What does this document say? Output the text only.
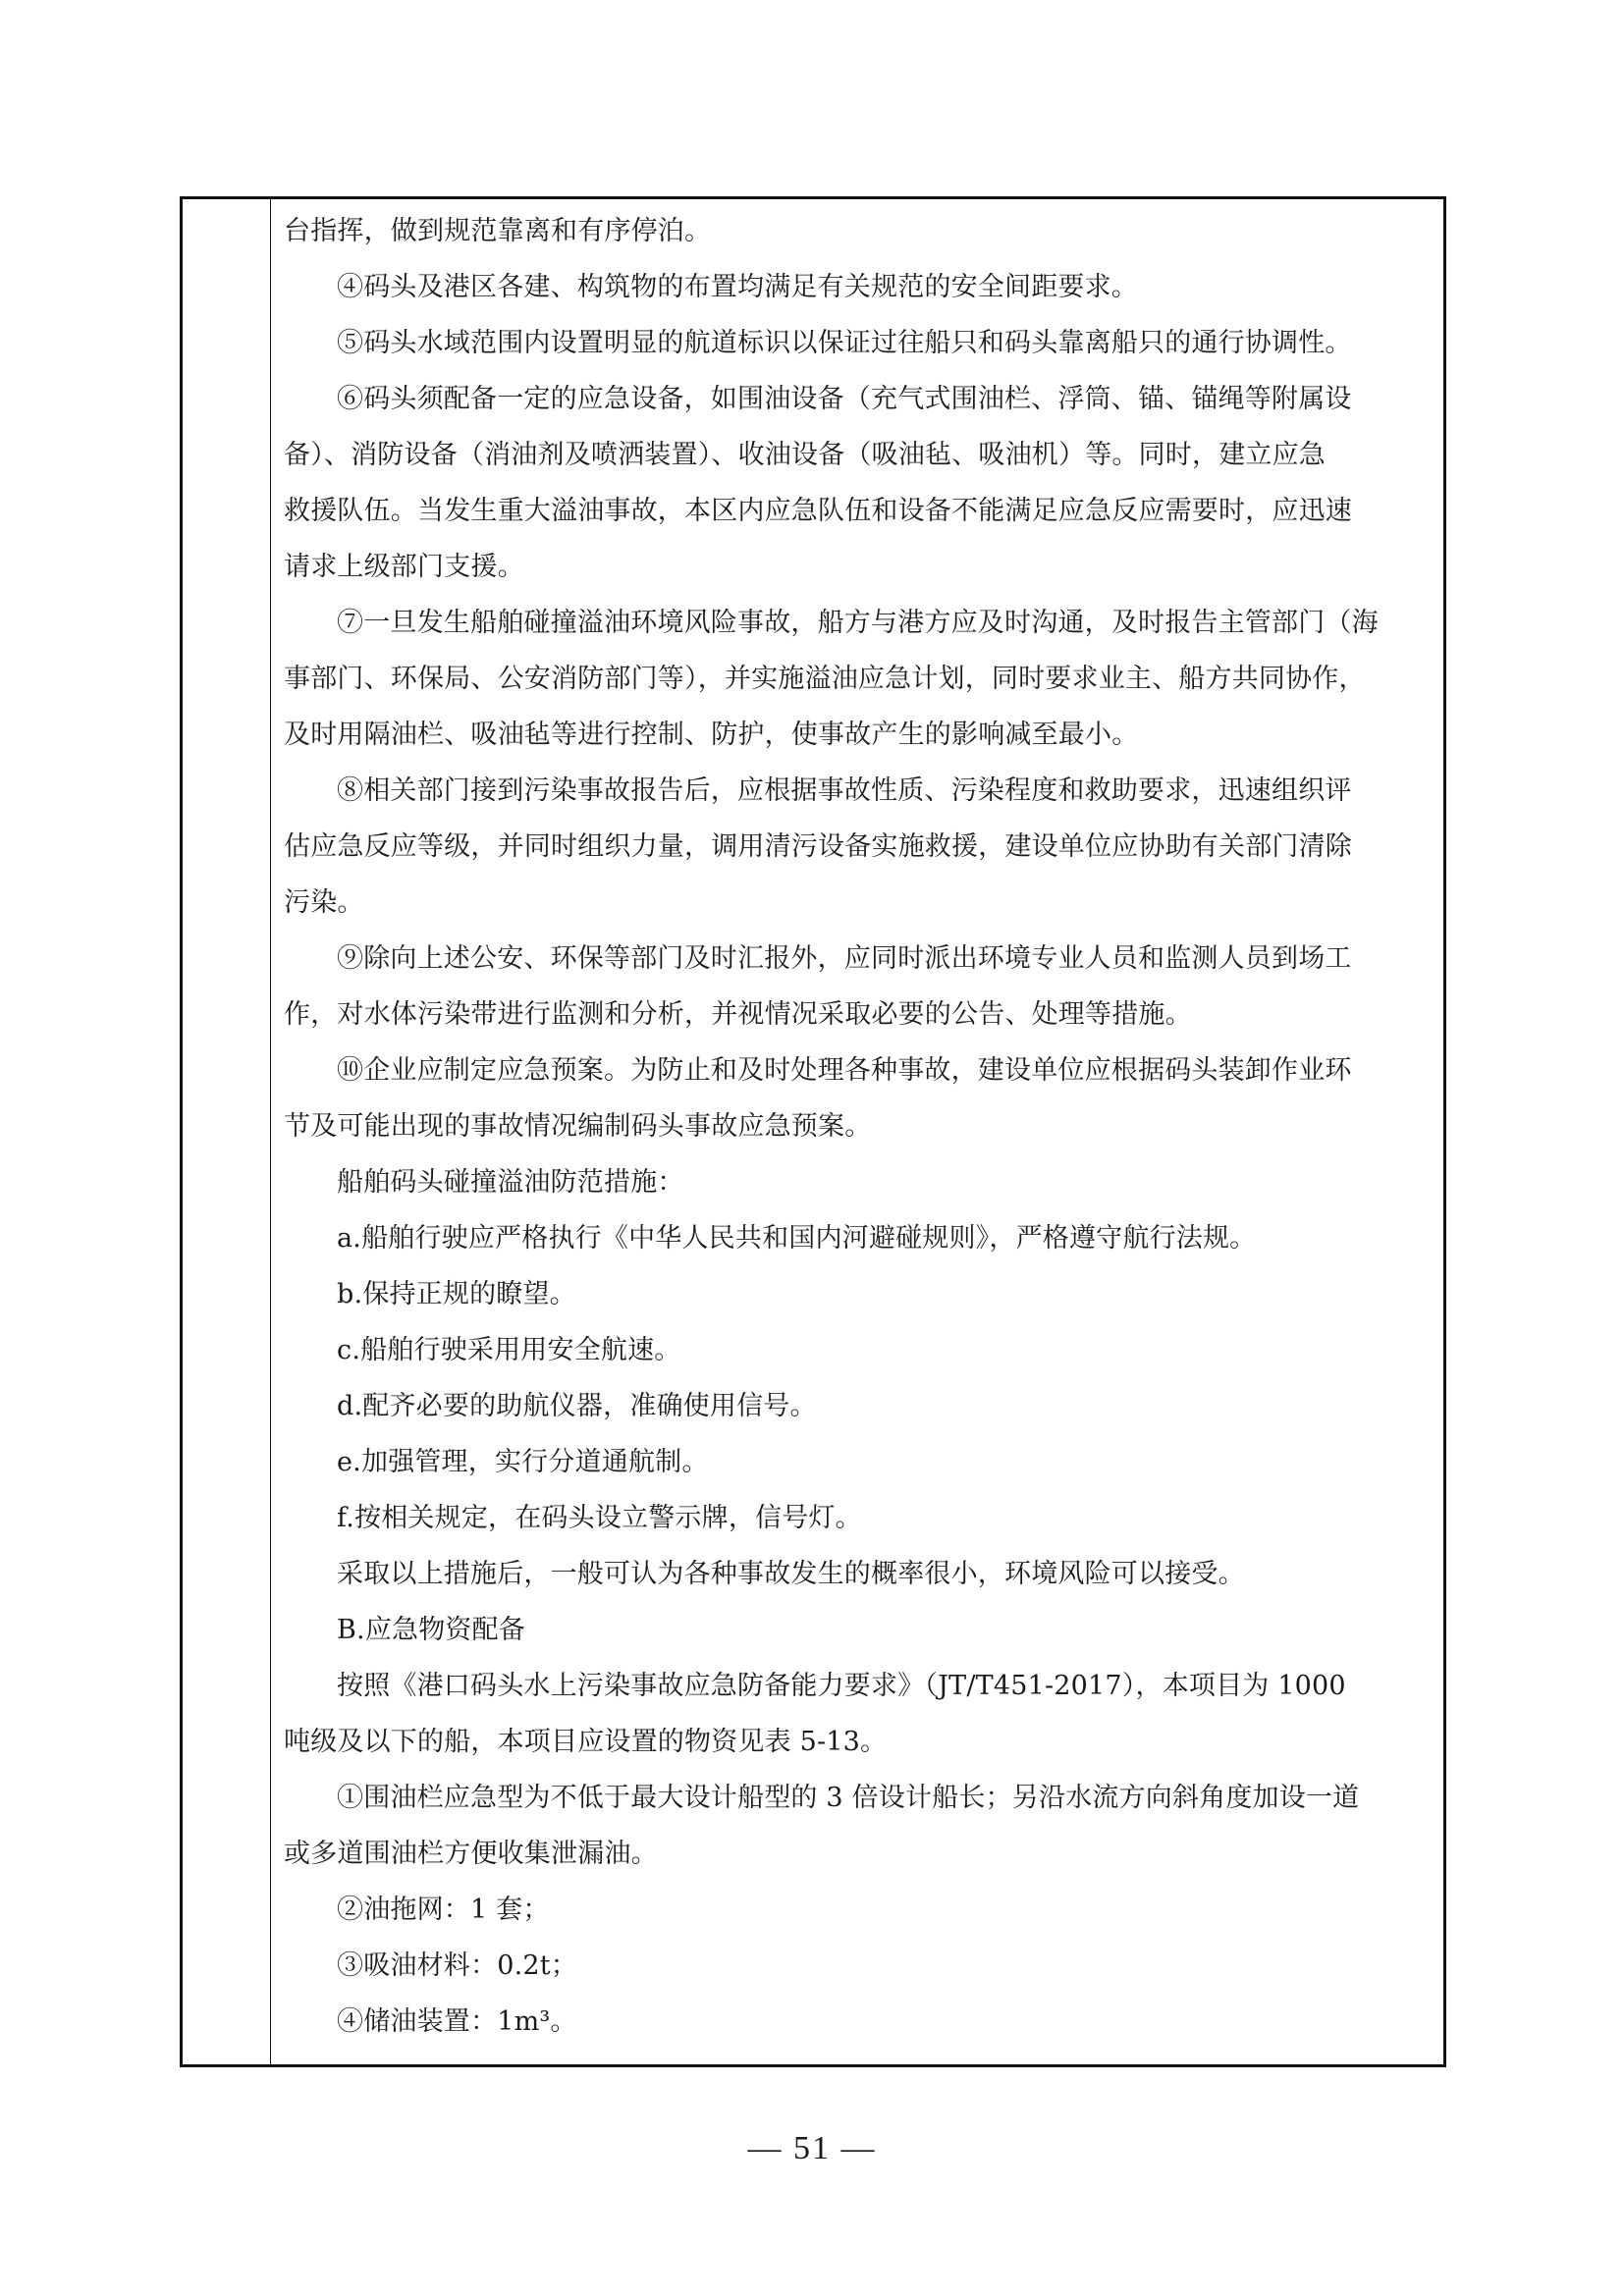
台指挥，做到规范靠离和有序停泊。
④码头及港区各建、构筑物的布置均满足有关规范的安全间距要求。
⑤码头水域范围内设置明显的航道标识以保证过往船只和码头靠离船只的通行协调性。
⑥码头须配备一定的应急设备，如围油设备（充气式围油栏、浮筒、锚、锚绳等附属设
备）、消防设备（消油剂及喷洒装置）、收油设备（吸油毡、吸油机）等。同时，建立应急
救援队伍。当发生重大溢油事故，本区内应急队伍和设备不能满足应急反应需要时，应迅速
请求上级部门支援。
⑦一旦发生船舶碰撞溢油环境风险事故，船方与港方应及时沟通，及时报告主管部门（海
事部门、环保局、公安消防部门等），并实施溢油应急计划，同时要求业主、船方共同协作，
及时用隔油栏、吸油毡等进行控制、防护，使事故产生的影响减至最小。
⑧相关部门接到污染事故报告后，应根据事故性质、污染程度和救助要求，迅速组织评
估应急反应等级，并同时组织力量，调用清污设备实施救援，建设单位应协助有关部门清除
污染。
⑨除向上述公安、环保等部门及时汇报外，应同时派出环境专业人员和监测人员到场工
作，对水体污染带进行监测和分析，并视情况采取必要的公告、处理等措施。
⑩企业应制定应急预案。为防止和及时处理各种事故，建设单位应根据码头装卸作业环
节及可能出现的事故情况编制码头事故应急预案。
船舶码头碰撞溢油防范措施：
a.船舶行驶应严格执行《中华人民共和国内河避碰规则》，严格遵守航行法规。
b.保持正规的瞭望。
c.船舶行驶采用用安全航速。
d.配齐必要的助航仪器，准确使用信号。
e.加强管理，实行分道通航制。
f.按相关规定，在码头设立警示牌，信号灯。
采取以上措施后，一般可认为各种事故发生的概率很小，环境风险可以接受。
B.应急物资配备
按照《港口码头水上污染事故应急防备能力要求》（JT/T451-2017），本项目为 1000
吨级及以下的船，本项目应设置的物资见表 5-13。
①围油栏应急型为不低于最大设计船型的 3 倍设计船长；另沿水流方向斜角度加设一道
或多道围油栏方便收集泄漏油。
②油拖网：1 套；
③吸油材料：0.2t；
④储油装置：1m³。
— 51 —
